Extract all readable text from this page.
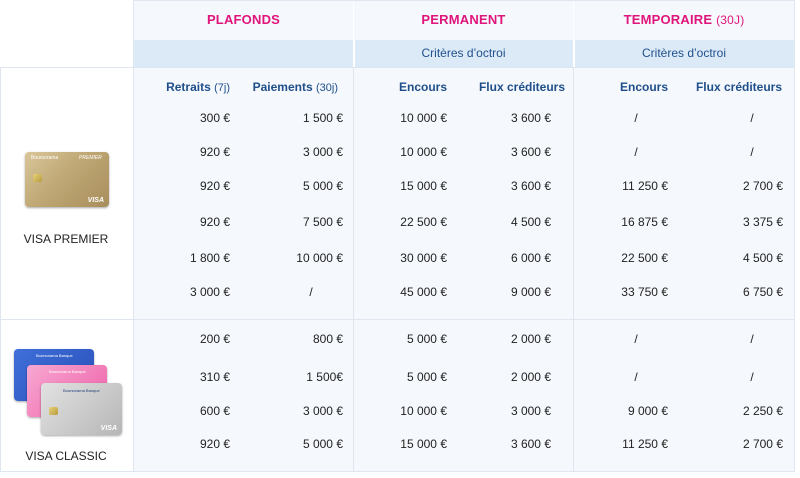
PLAFONDS	PERMANENT	TEMPORAIRE (30J)
Critères d’octroi	Critères d’octroi
Retraits (7j)	Paiements (30j)	Encours	Flux créditeurs	Encours	Flux créditeurs
300 €	1 500 €	10 000 €	3 600 €	/	/
920 €	3 000 €	10 000 €	3 600 €	/	/
920 €	5 000 €	15 000 €	3 600 €	11 250 €	2 700 €
920 €	7 500 €	22 500 €	4 500 €	16 875 €	3 375 €
1 800 €	10 000 €	30 000 €	6 000 €	22 500 €	4 500 €
3 000 €	/	45 000 €	9 000 €	33 750 €	6 750 €
200 €	800 €	5 000 €	2 000 €	/	/
310 €	1 500€	5 000 €	2 000 €	/	/
600 €	3 000 €	10 000 €	3 000 €	9 000 €	2 250 €
920 €	5 000 €	15 000 €	3 600 €	11 250 €	2 700 €
Boursorama	PREMIER
VISA
VISA PREMIER
Boursorama Banque
Boursorama Banque
Boursorama Banque
VISA
VISA CLASSIC
